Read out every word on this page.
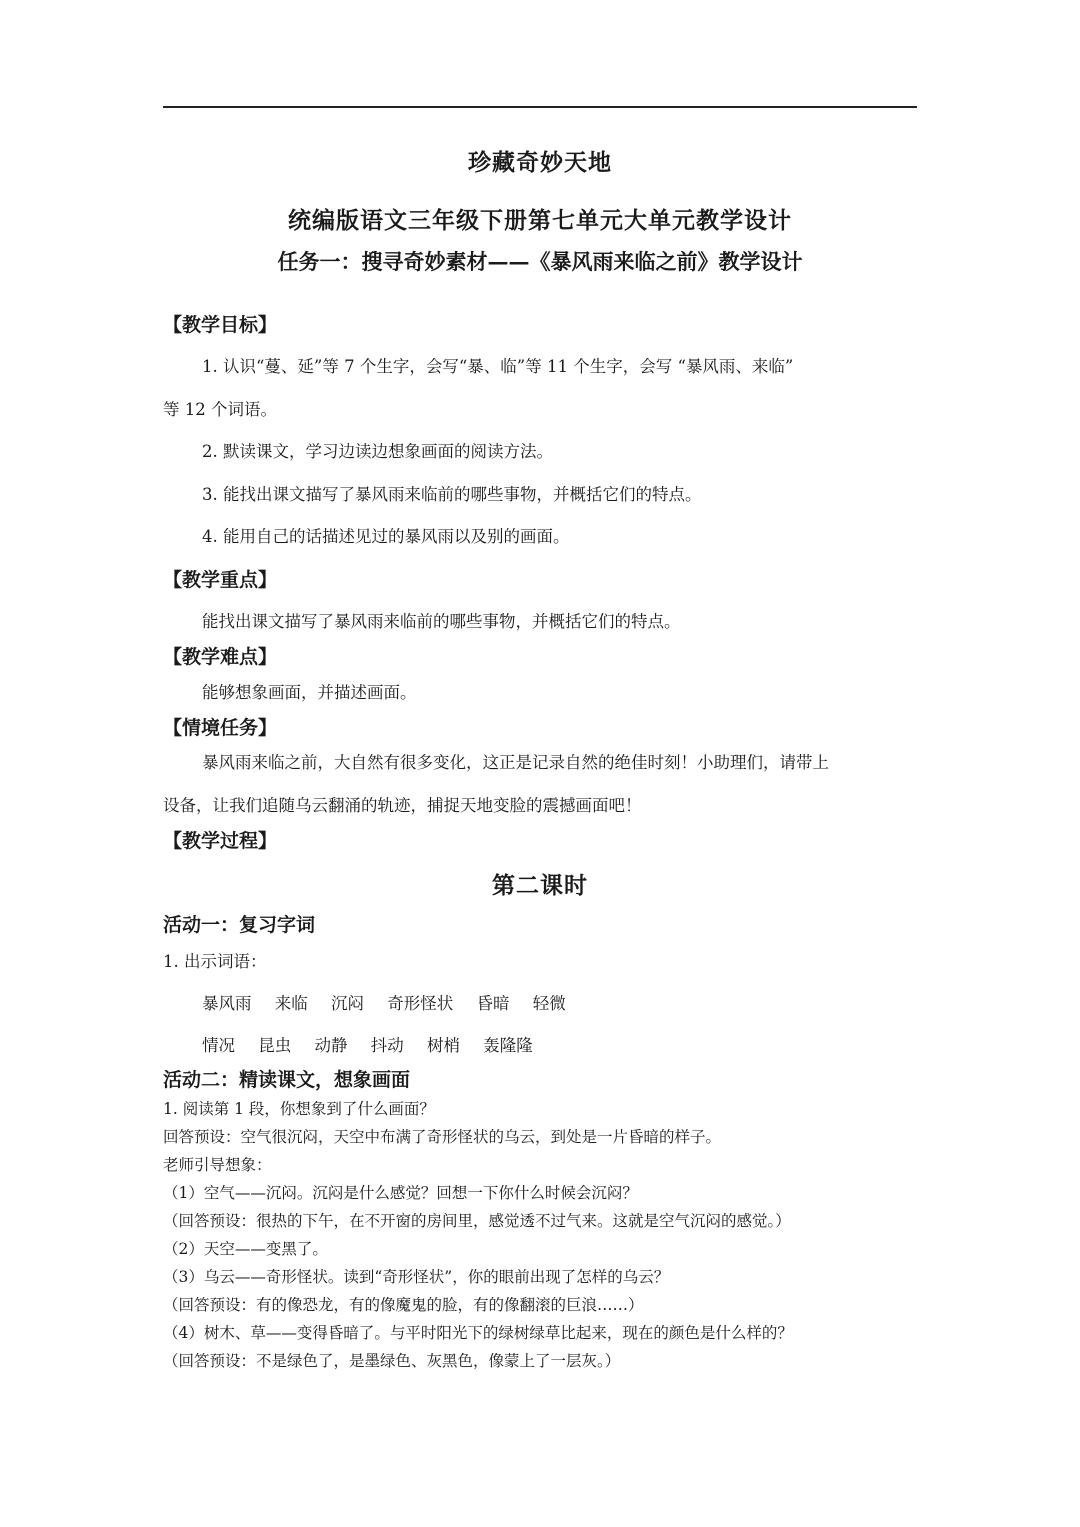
珍藏奇妙天地
统编版语文三年级下册第七单元大单元教学设计
任务一：搜寻奇妙素材——《暴风雨来临之前》教学设计
【教学目标】
1. 认识“蔓、延”等 7 个生字，会写“暴、临”等 11 个生字，会写 “暴风雨、来临”
等 12 个词语。
2. 默读课文，学习边读边想象画面的阅读方法。
3. 能找出课文描写了暴风雨来临前的哪些事物，并概括它们的特点。
4. 能用自己的话描述见过的暴风雨以及别的画面。
【教学重点】
能找出课文描写了暴风雨来临前的哪些事物，并概括它们的特点。
【教学难点】
能够想象画面，并描述画面。
【情境任务】
暴风雨来临之前，大自然有很多变化，这正是记录自然的绝佳时刻！小助理们，请带上
设备，让我们追随乌云翻涌的轨迹，捕捉天地变脸的震撼画面吧！
【教学过程】
第二课时
活动一：复习字词
1. 出示词语：
暴风雨 来临 沉闷 奇形怪状 昏暗 轻微
情况 昆虫 动静 抖动 树梢 轰隆隆
活动二：精读课文，想象画面
1. 阅读第 1 段，你想象到了什么画面？
回答预设：空气很沉闷，天空中布满了奇形怪状的乌云，到处是一片昏暗的样子。
老师引导想象：
（1）空气——沉闷。沉闷是什么感觉？回想一下你什么时候会沉闷？
（回答预设：很热的下午，在不开窗的房间里，感觉透不过气来。这就是空气沉闷的感觉。）
（2）天空——变黑了。
（3）乌云——奇形怪状。读到“奇形怪状”，你的眼前出现了怎样的乌云？
（回答预设：有的像恐龙，有的像魔鬼的脸，有的像翻滚的巨浪……）
（4）树木、草——变得昏暗了。与平时阳光下的绿树绿草比起来，现在的颜色是什么样的？
（回答预设：不是绿色了，是墨绿色、灰黑色，像蒙上了一层灰。）
